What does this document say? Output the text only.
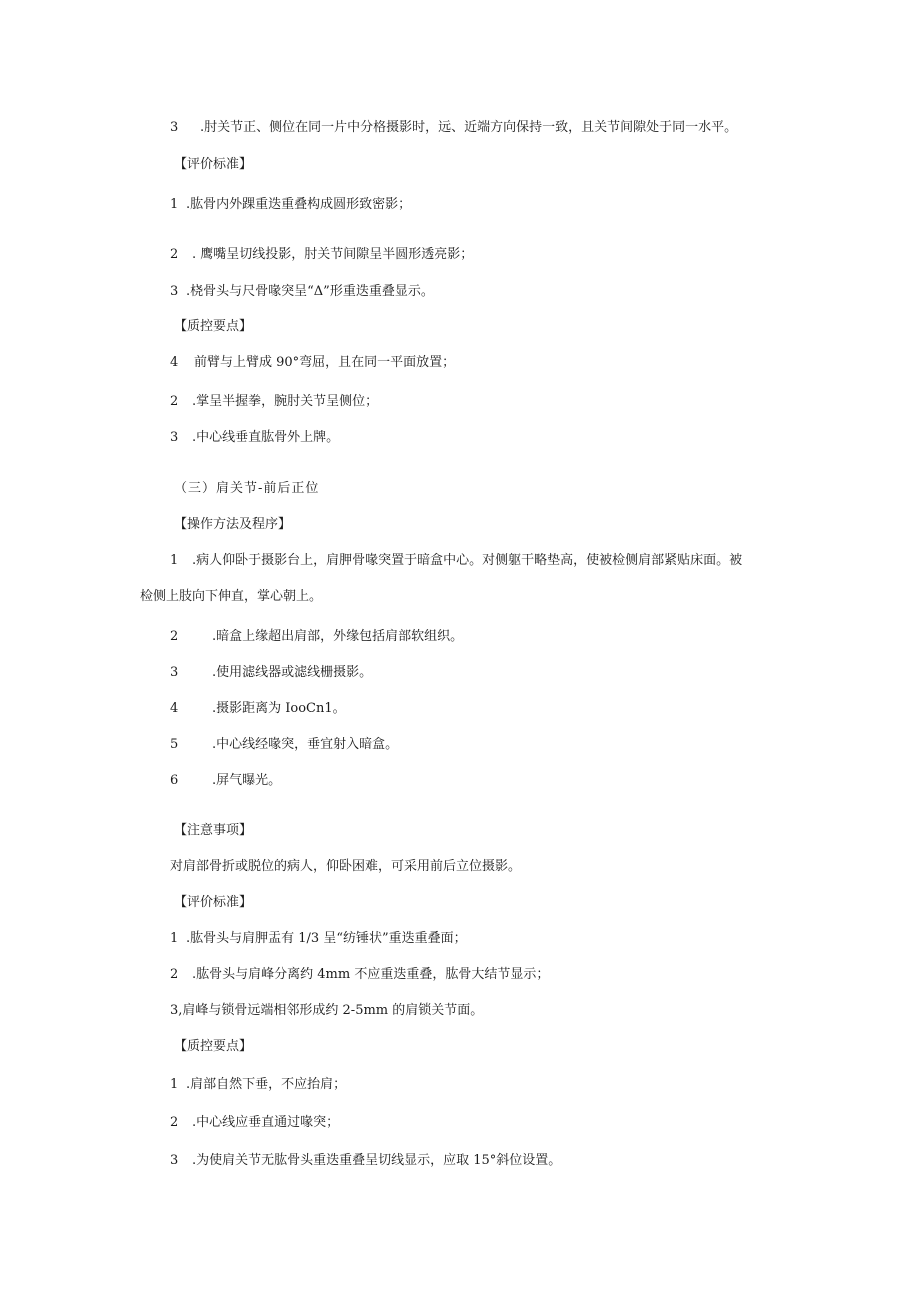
3 .肘关节正、侧位在同一片中分格摄影时，远、近端方向保持一致，且关节间隙处于同一水平。
【评价标准】
1 .肱骨内外踝重迭重叠构成圆形致密影；
2 . 鹰嘴呈切线投影，肘关节间隙呈半圆形透亮影；
3 .桡骨头与尺骨喙突呈“Δ”形重迭重叠显示。
【质控要点】
4 前臂与上臂成 90°弯屈，且在同一平面放置；
2 .掌呈半握拳，腕肘关节呈侧位；
3 .中心线垂直肱骨外上牌。
（三）肩关节-前后正位
【操作方法及程序】
1 .病人仰卧于摄影台上，肩胛骨喙突置于暗盒中心。对侧躯干略垫高，使被检侧肩部紧贴床面。被
检侧上肢向下伸直，掌心朝上。
2	.暗盒上缘超出肩部，外缘包括肩部软组织。
3	.使用滤线器或滤线栅摄影。
4	.摄影距离为 IooCn1。
5	.中心线经喙突，垂宜射入暗盒。
6	.屏气曝光。
【注意事项】
对肩部骨折或脱位的病人，仰卧困难，可采用前后立位摄影。
【评价标准】
1 .肱骨头与肩胛盂有 1/3 呈“纺锤状”重迭重叠面；
2 .肱骨头与肩峰分离约 4mm 不应重迭重叠，肱骨大结节显示；
3,肩峰与锁骨远端相邻形成约 2-5mm 的肩锁关节面。
【质控要点】
1 .肩部自然下垂，不应抬肩；
2 .中心线应垂直通过喙突；
3 .为使肩关节无肱骨头重迭重叠呈切线显示，应取 15°斜位设置。
